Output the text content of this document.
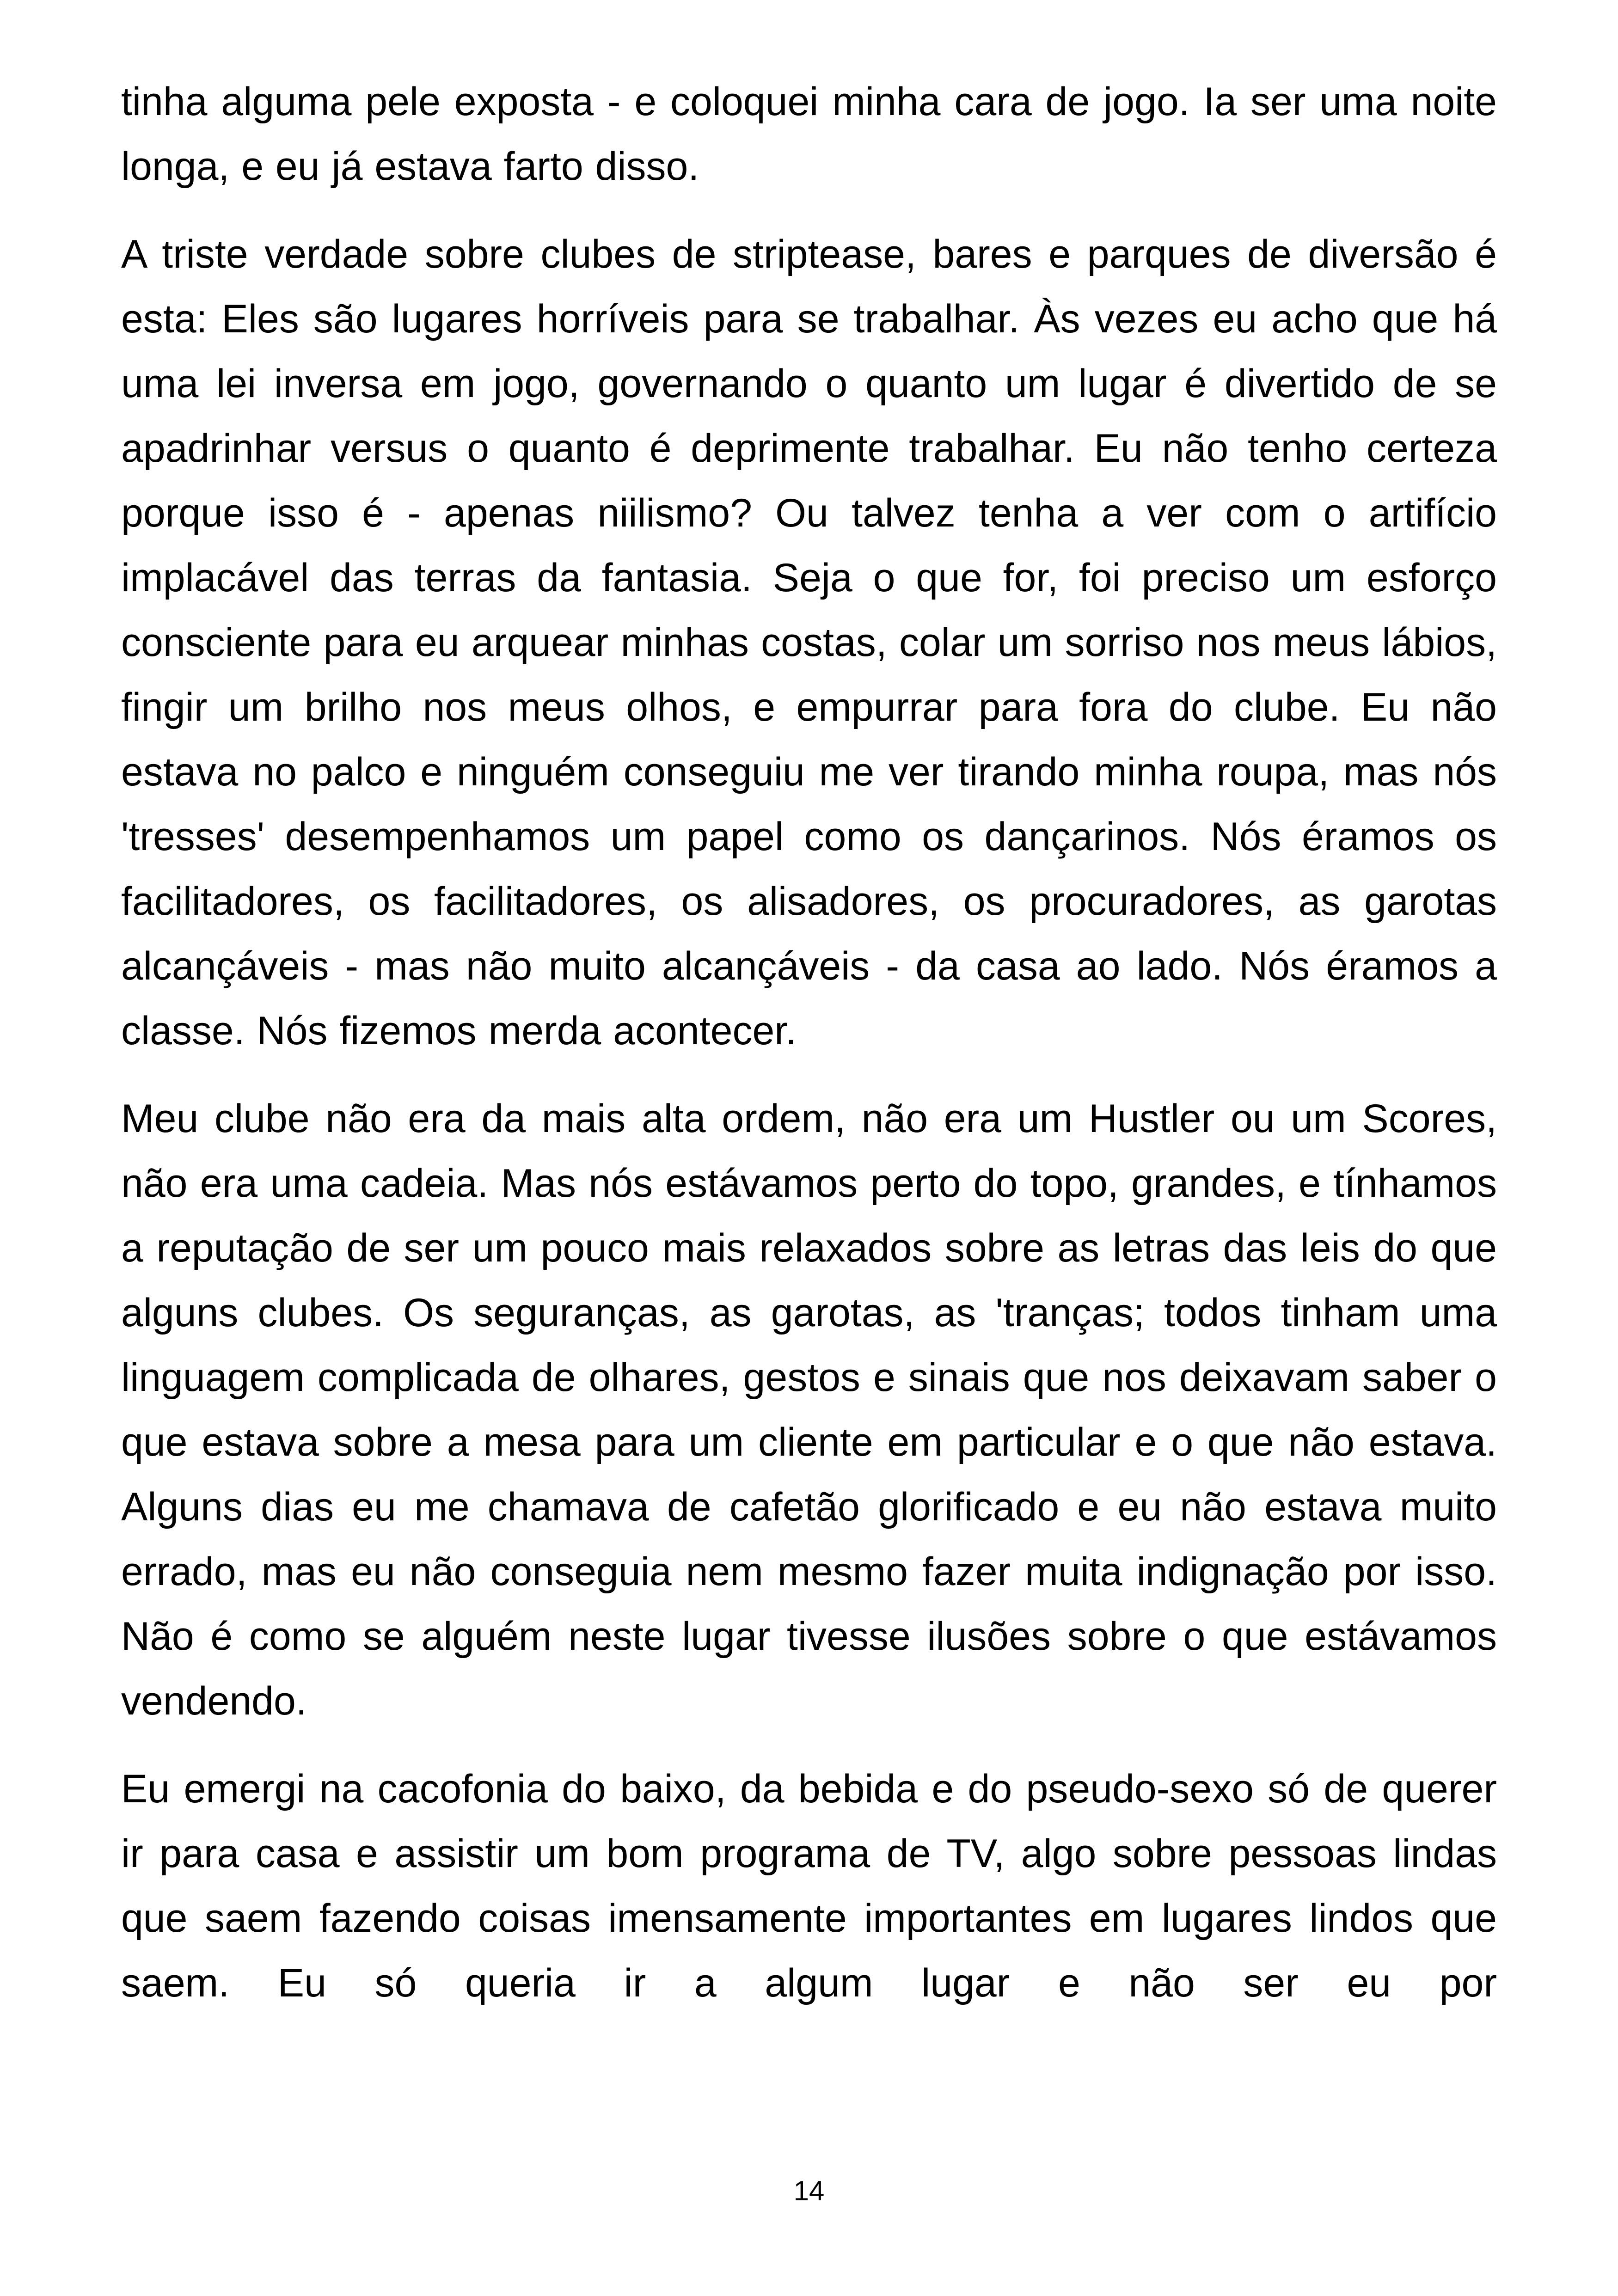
tinha alguma pele exposta - e coloquei minha cara de jogo. Ia ser uma noite longa, e eu já estava farto disso.

A triste verdade sobre clubes de striptease, bares e parques de diversão é esta: Eles são lugares horríveis para se trabalhar. Às vezes eu acho que há uma lei inversa em jogo, governando o quanto um lugar é divertido de se apadrinhar versus o quanto é deprimente trabalhar. Eu não tenho certeza porque isso é - apenas niilismo? Ou talvez tenha a ver com o artifício implacável das terras da fantasia. Seja o que for, foi preciso um esforço consciente para eu arquear minhas costas, colar um sorriso nos meus lábios, fingir um brilho nos meus olhos, e empurrar para fora do clube. Eu não estava no palco e ninguém conseguiu me ver tirando minha roupa, mas nós 'tresses' desempenhamos um papel como os dançarinos. Nós éramos os facilitadores, os facilitadores, os alisadores, os procuradores, as garotas alcançáveis - mas não muito alcançáveis - da casa ao lado. Nós éramos a classe. Nós fizemos merda acontecer.

Meu clube não era da mais alta ordem, não era um Hustler ou um Scores, não era uma cadeia. Mas nós estávamos perto do topo, grandes, e tínhamos a reputação de ser um pouco mais relaxados sobre as letras das leis do que alguns clubes. Os seguranças, as garotas, as 'tranças; todos tinham uma linguagem complicada de olhares, gestos e sinais que nos deixavam saber o que estava sobre a mesa para um cliente em particular e o que não estava. Alguns dias eu me chamava de cafetão glorificado e eu não estava muito errado, mas eu não conseguia nem mesmo fazer muita indignação por isso. Não é como se alguém neste lugar tivesse ilusões sobre o que estávamos vendendo.

Eu emergi na cacofonia do baixo, da bebida e do pseudo-sexo só de querer ir para casa e assistir um bom programa de TV, algo sobre pessoas lindas que saem fazendo coisas imensamente importantes em lugares lindos que saem. Eu só queria ir a algum lugar e não ser eu por

14
